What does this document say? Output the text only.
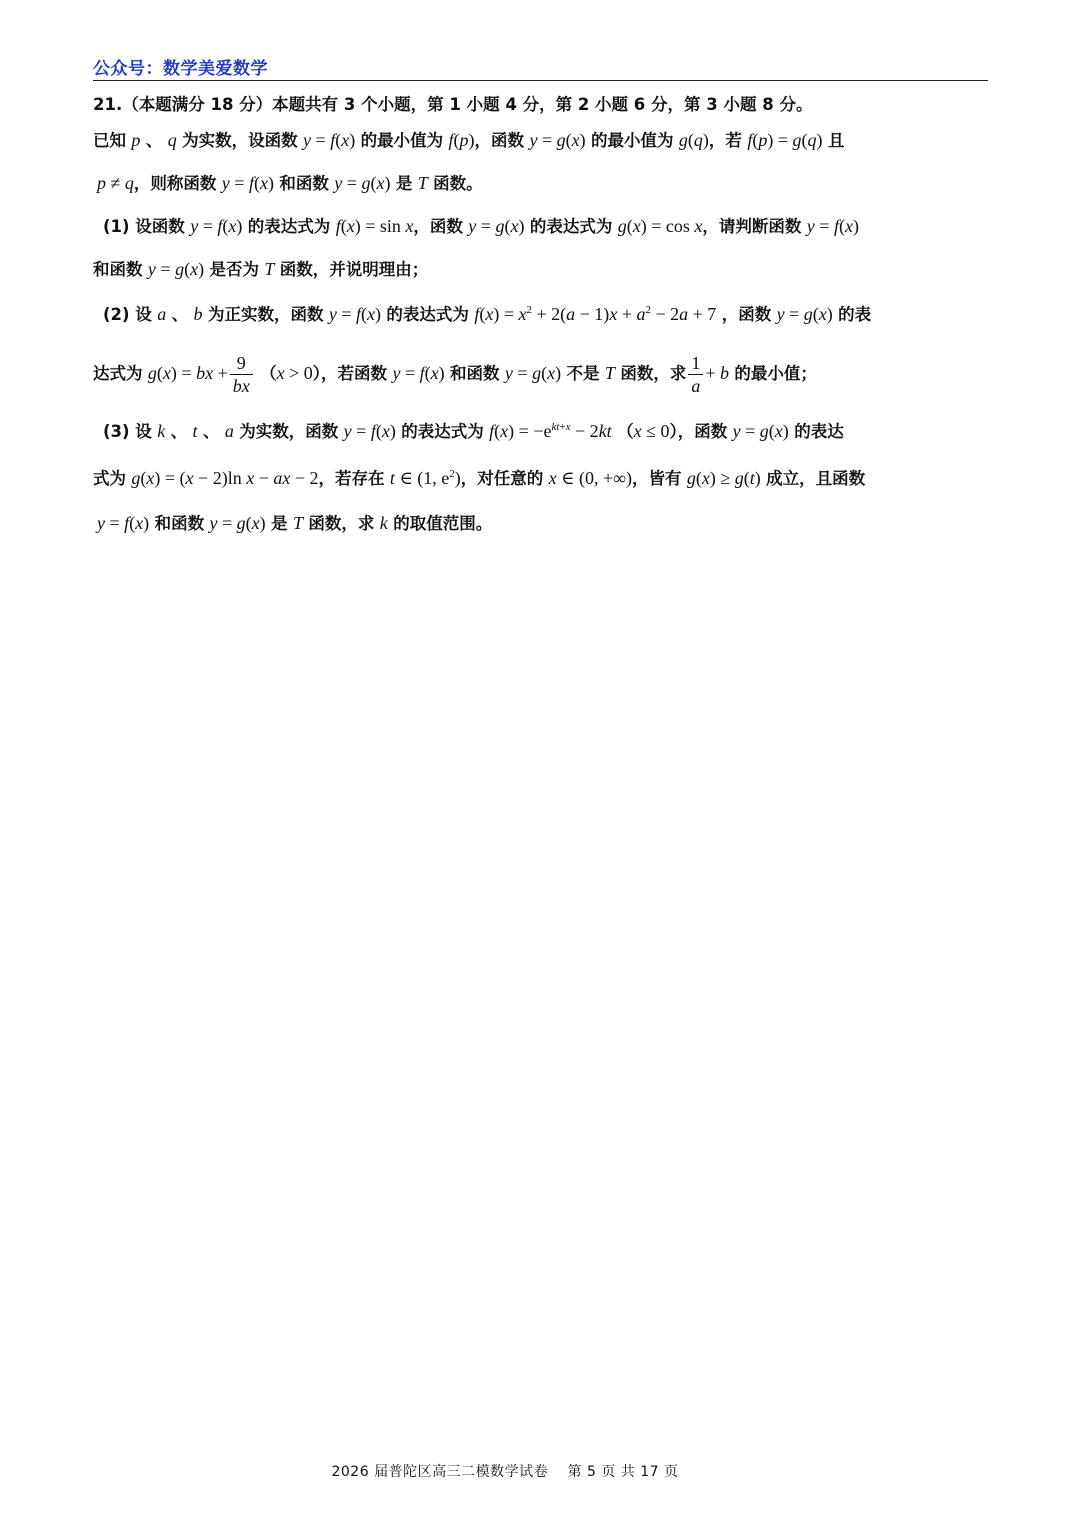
公众号：数学美爱数学
21.（本题满分 18 分）本题共有 3 个小题，第 1 小题 4 分，第 2 小题 6 分，第 3 小题 8 分。
已知 p 、 q 为实数，设函数 y = f(x) 的最小值为 f(p)，函数 y = g(x) 的最小值为 g(q)，若 f(p) = g(q) 且
p ≠ q，则称函数 y = f(x) 和函数 y = g(x) 是 T 函数。
(1) 设函数 y = f(x) 的表达式为 f(x) = sin x，函数 y = g(x) 的表达式为 g(x) = cos x，请判断函数 y = f(x)
和函数 y = g(x) 是否为 T 函数，并说明理由；
(2) 设 a 、 b 为正实数，函数 y = f(x) 的表达式为 $f(x) = x^2 + 2(a - 1)x + a^2 - 2a + 7$ ，函数 y = g(x) 的表
达式为 g(x) = bx + $\frac{9}{bx} (x > 0)$，若函数 y = f(x) 和函数 y = g(x) 不是 T 函数，求 $\frac{1}{a} + b$ 的最小值；
(3) 设 k 、 t 、 a 为实数，函数 y = f(x) 的表达式为 $f(x) = -e^{kt+x} - 2kt$ （x ≤ 0），函数 y = g(x) 的表达
式为 g(x) = (x − 2)ln x − ax − 2，若存在 t ∈ (1, $e^2$)，对任意的 x ∈ (0, +∞)，皆有 g(x) ≥ g(t) 成立，且函数
y = f(x) 和函数 y = g(x) 是 T 函数，求 k 的取值范围。
2026 届普陀区高三二模数学试卷　 第 5 页 共 17 页
